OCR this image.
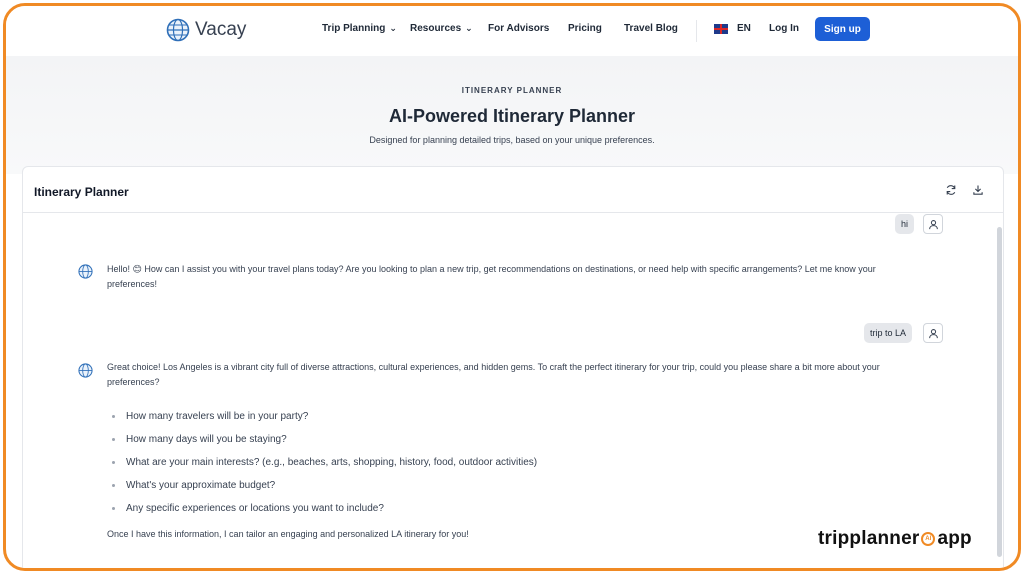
Vacay	Trip Planning ⌄ Resources ⌄ For Advisors Pricing Travel Blog	EN Log In	Sign up
ITINERARY PLANNER
AI-Powered Itinerary Planner
Designed for planning detailed trips, based on your unique preferences.
Itinerary Planner
hi
Hello! 😊 How can I assist you with your travel plans today? Are you looking to plan a new trip, get recommendations on destinations, or need help with specific arrangements? Let me know your preferences!
trip to LA
Great choice! Los Angeles is a vibrant city full of diverse attractions, cultural experiences, and hidden gems. To craft the perfect itinerary for your trip, could you please share a bit more about your preferences?
How many travelers will be in your party?
How many days will you be staying?
What are your main interests? (e.g., beaches, arts, shopping, history, food, outdoor activities)
What's your approximate budget?
Any specific experiences or locations you want to include?
Once I have this information, I can tailor an engaging and personalized LA itinerary for you!	tripplanner AI app
